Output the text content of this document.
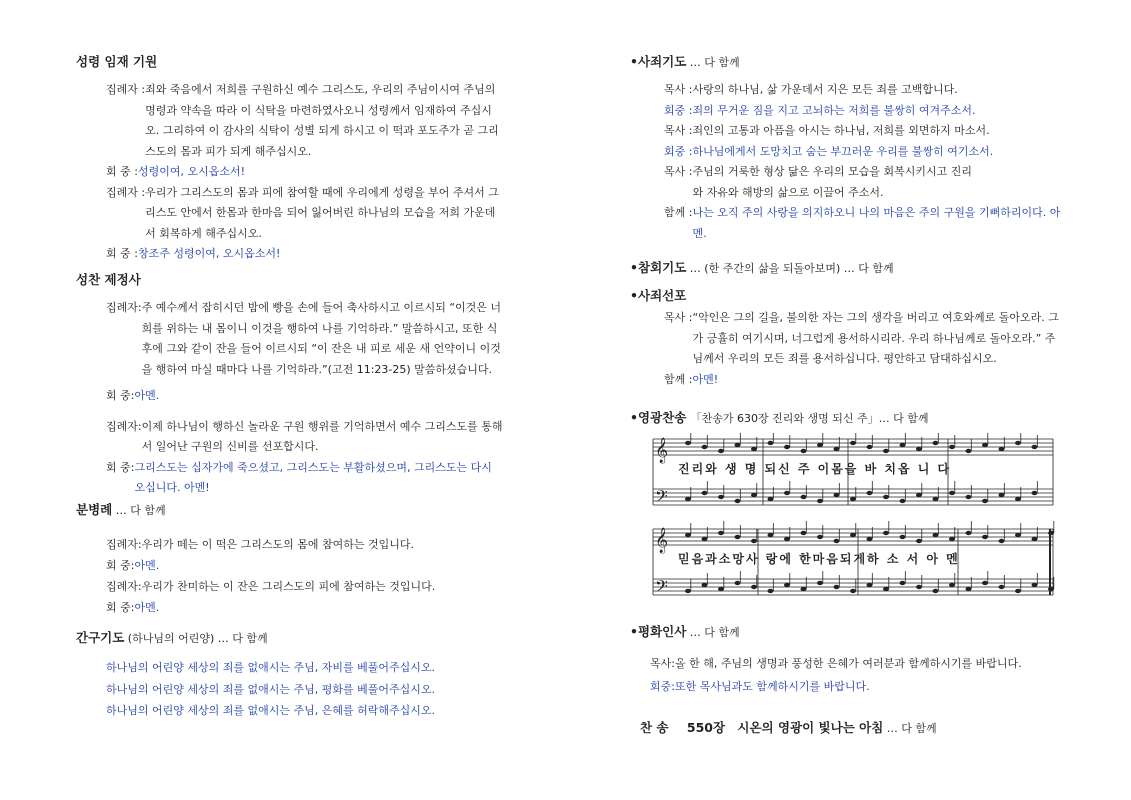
성령 임재 기원
집례자 : 죄와 죽음에서 저희를 구원하신 예수 그리스도, 우리의 주님이시여 주님의 명령과 약속을 따라 이 식탁을 마련하였사오니 성령께서 임재하여 주십시오. 그리하여 이 감사의 식탁이 성별 되게 하시고 이 떡과 포도주가 곧 그리스도의 몸과 피가 되게 해주십시오.
회 중 : 성령이여, 오시옵소서!
집례자 : 우리가 그리스도의 몸과 피에 참여할 때에 우리에게 성령을 부어 주셔서 그리스도 안에서 한몸과 한마음 되어 잃어버린 하나님의 모습을 저희 가운데서 회복하게 해주십시오.
회 중 : 창조주 성령이여, 오시옵소서!
성찬 제정사
집례자: 주 예수께서 잡히시던 밤에 빵을 손에 들어 축사하시고 이르시되 “이것은 너희를 위하는 내 몸이니 이것을 행하여 나를 기억하라.” 말씀하시고, 또한 식후에 그와 같이 잔을 들어 이르시되 “이 잔은 내 피로 세운 새 언약이니 이것을 행하여 마실 때마다 나를 기억하라.”(고전 11:23-25) 말씀하셨습니다.
회 중: 아멘.
집례자: 이제 하나님이 행하신 놀라운 구원 행위를 기억하면서 예수 그리스도를 통해서 일어난 구원의 신비를 선포합시다.
회 중: 그리스도는 십자가에 죽으셨고, 그리스도는 부활하셨으며, 그리스도는 다시 오십니다. 아멘!
분병례 … 다 함께
집례자: 우리가 떼는 이 떡은 그리스도의 몸에 참여하는 것입니다.
회 중: 아멘.
집례자: 우리가 찬미하는 이 잔은 그리스도의 피에 참여하는 것입니다.
회 중: 아멘.
간구기도 (하나님의 어린양) … 다 함께
하나님의 어린양 세상의 죄를 없애시는 주님, 자비를 베풀어주십시오.
하나님의 어린양 세상의 죄를 없애시는 주님, 평화를 베풀어주십시오.
하나님의 어린양 세상의 죄를 없애시는 주님, 은혜를 허락해주십시오.
•사죄기도 … 다 함께
목사 : 사랑의 하나님, 삶 가운데서 지은 모든 죄를 고백합니다.
회중 : 죄의 무거운 짐을 지고 고뇌하는 저희를 불쌍히 여겨주소서.
목사 : 죄인의 고통과 아픔을 아시는 하나님, 저희를 외면하지 마소서.
회중 : 하나님에게서 도망치고 숨는 부끄러운 우리를 불쌍히 여기소서.
목사 : 주님의 거룩한 형상 닮은 우리의 모습을 회복시키시고 진리와 자유와 해방의 삶으로 이끌어 주소서.
함께 : 나는 오직 주의 사랑을 의지하오니 나의 마음은 주의 구원을 기뻐하리이다. 아멘.
•참회기도 … (한 주간의 삶을 되돌아보며) … 다 함께
•사죄선포
목사 : “악인은 그의 길을, 불의한 자는 그의 생각을 버리고 여호와께로 돌아오라. 그가 긍휼히 여기시며, 너그럽게 용서하시리라. 우리 하나님께로 돌아오라.” 주님께서 우리의 모든 죄를 용서하십니다. 평안하고 담대하십시오.
함께 : 아멘!
•영광찬송 「찬송가 630장 진리와 생명 되신 주」… 다 함께
𝄞
𝄢
𝄞
𝄢
진리와 생 명 되신 주 이몸을 바 치옵 니 다
믿음과소망사 랑에 한마음되게하 소 서 아 멘
•평화인사 … 다 함께
목사: 올 한 해, 주님의 생명과 풍성한 은혜가 여러분과 함께하시기를 바랍니다.
회중: 또한 목사님과도 함께하시기를 바랍니다.
찬 송 550장 시온의 영광이 빛나는 아침 … 다 함께
